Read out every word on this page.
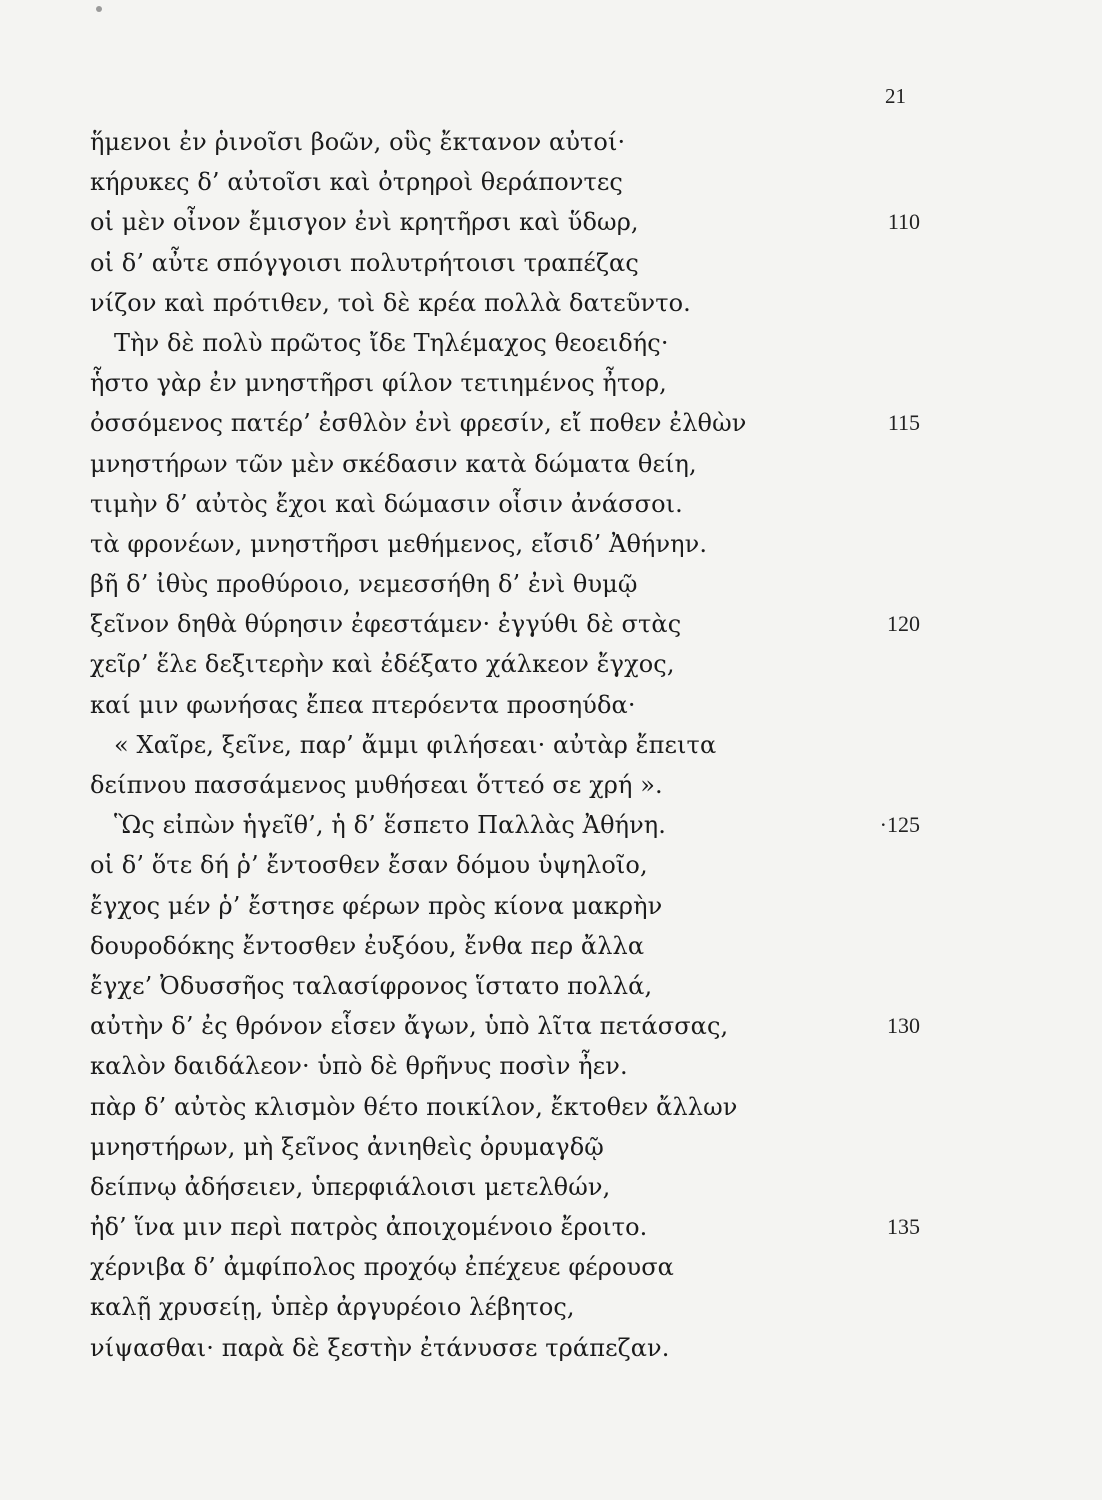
21
ἥμενοι ἐν ῥινοῖσι βοῶν, οὓς ἔκτανον αὐτοί·
κήρυκες δ’ αὐτοῖσι καὶ ὀτρηροὶ θεράποντες
οἱ μὲν οἶνον ἔμισγον ἐνὶ κρητῆρσι καὶ ὕδωρ,	110
οἱ δ’ αὖτε σπόγγοισι πολυτρήτοισι τραπέζας
νίζον καὶ πρότιθεν, τοὶ δὲ κρέα πολλὰ δατεῦντο.
Τὴν δὲ πολὺ πρῶτος ἴδε Τηλέμαχος θεοειδής·
ἧστο γὰρ ἐν μνηστῆρσι φίλον τετιημένος ἦτορ,
ὀσσόμενος πατέρ’ ἐσθλὸν ἐνὶ φρεσίν, εἴ ποθεν ἐλθὼν	115
μνηστήρων τῶν μὲν σκέδασιν κατὰ δώματα θείη,
τιμὴν δ’ αὐτὸς ἔχοι καὶ δώμασιν οἷσιν ἀνάσσοι.
τὰ φρονέων, μνηστῆρσι μεθήμενος, εἴσιδ’ Ἀθήνην.
βῆ δ’ ἰθὺς προθύροιο, νεμεσσήθη δ’ ἐνὶ θυμῷ
ξεῖνον δηθὰ θύρησιν ἐφεστάμεν· ἐγγύθι δὲ στὰς	120
χεῖρ’ ἕλε δεξιτερὴν καὶ ἐδέξατο χάλκεον ἔγχος,
καί μιν φωνήσας ἔπεα πτερόεντα προσηύδα·
« Χαῖρε, ξεῖνε, παρ’ ἄμμι φιλήσεαι· αὐτὰρ ἔπειτα
δείπνου πασσάμενος μυθήσεαι ὅττεό σε χρή ».
Ὣς εἰπὼν ἡγεῖθ’, ἡ δ’ ἕσπετο Παλλὰς Ἀθήνη.	·125
οἱ δ’ ὅτε δή ῥ’ ἔντοσθεν ἔσαν δόμου ὑψηλοῖο,
ἔγχος μέν ῥ’ ἔστησε φέρων πρὸς κίονα μακρὴν
δουροδόκης ἔντοσθεν ἐυξόου, ἔνθα περ ἄλλα
ἔγχε’ Ὀδυσσῆος ταλασίφρονος ἵστατο πολλά,
αὐτὴν δ’ ἐς θρόνον εἷσεν ἄγων, ὑπὸ λῖτα πετάσσας,	130
καλὸν δαιδάλεον· ὑπὸ δὲ θρῆνυς ποσὶν ἦεν.
πὰρ δ’ αὐτὸς κλισμὸν θέτο ποικίλον, ἔκτοθεν ἄλλων
μνηστήρων, μὴ ξεῖνος ἀνιηθεὶς ὀρυμαγδῷ
δείπνῳ ἀδήσειεν, ὑπερφιάλοισι μετελθών,
ἠδ’ ἵνα μιν περὶ πατρὸς ἀποιχομένοιο ἔροιτο.	135
χέρνιβα δ’ ἀμφίπολος προχόῳ ἐπέχευε φέρουσα
καλῇ χρυσείῃ, ὑπὲρ ἀργυρέοιο λέβητος,
νίψασθαι· παρὰ δὲ ξεστὴν ἐτάνυσσε τράπεζαν.
